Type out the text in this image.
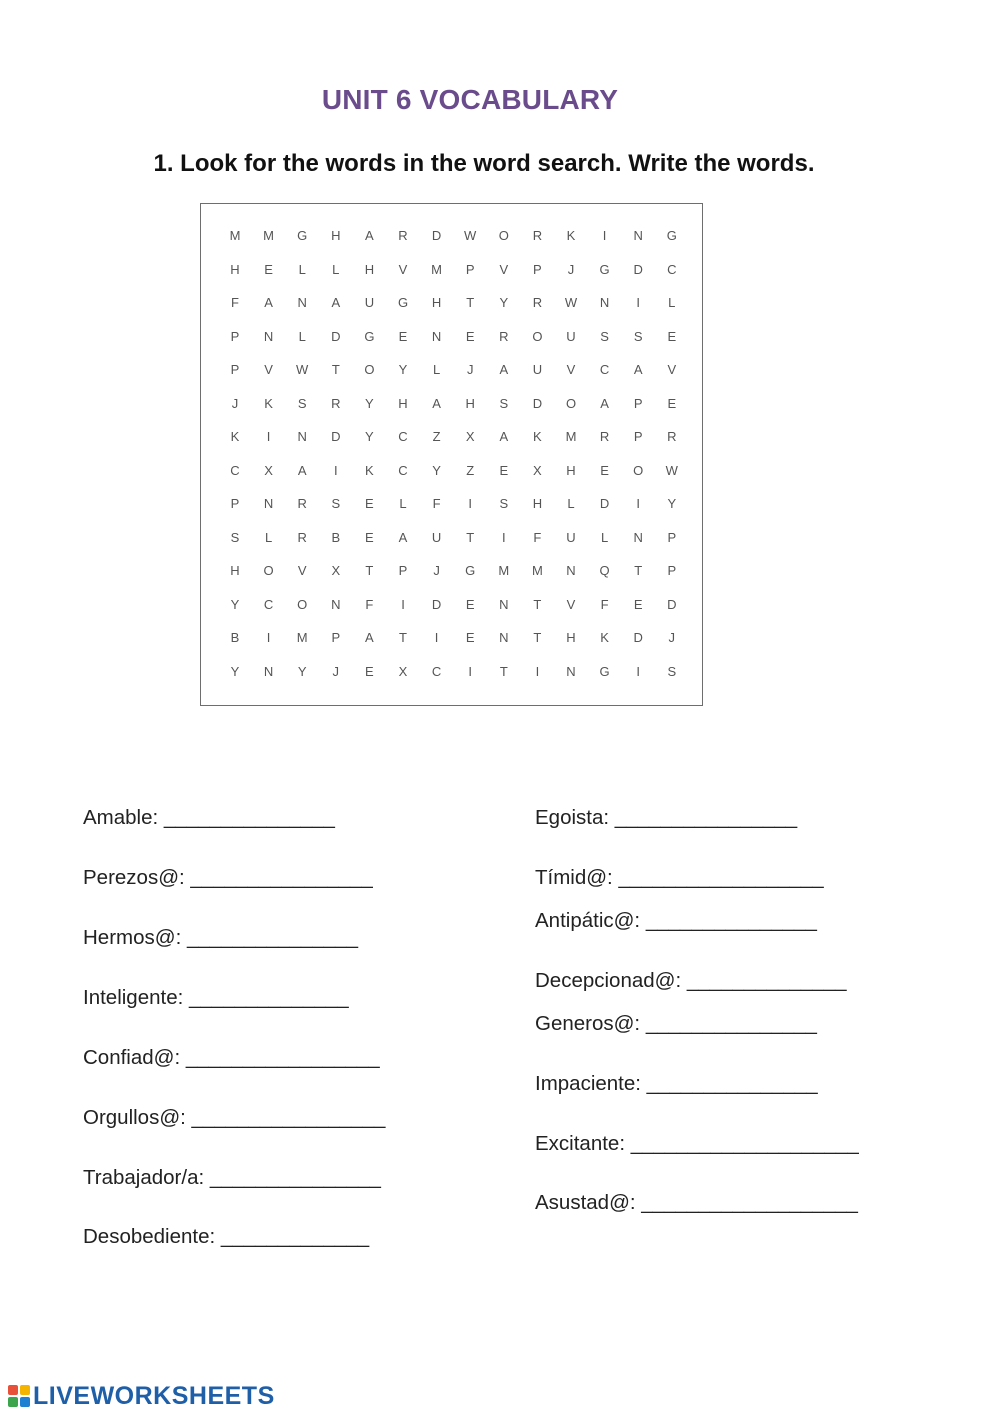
UNIT 6 VOCABULARY
1. Look for the words in the word search. Write the words.
M	M	G	H	A	R	D	W	O	R	K	I	N	G
H	E	L	L	H	V	M	P	V	P	J	G	D	C
F	A	N	A	U	G	H	T	Y	R	W	N	I	L
P	N	L	D	G	E	N	E	R	O	U	S	S	E
P	V	W	T	O	Y	L	J	A	U	V	C	A	V
J	K	S	R	Y	H	A	H	S	D	O	A	P	E
K	I	N	D	Y	C	Z	X	A	K	M	R	P	R
C	X	A	I	K	C	Y	Z	E	X	H	E	O	W
P	N	R	S	E	L	F	I	S	H	L	D	I	Y
S	L	R	B	E	A	U	T	I	F	U	L	N	P
H	O	V	X	T	P	J	G	M	M	N	Q	T	P
Y	C	O	N	F	I	D	E	N	T	V	F	E	D
B	I	M	P	A	T	I	E	N	T	H	K	D	J
Y	N	Y	J	E	X	C	I	T	I	N	G	I	S
Amable: _______________
Perezos@: ________________
Hermos@: _______________
Inteligente: ______________
Confiad@: _________________
Orgullos@: _________________
Trabajador/a: _______________
Desobediente: _____________
Egoista: ________________
Tímid@: __________________
Antipátic@: _______________
Decepcionad@: ______________
Generos@: _______________
Impaciente: _______________
Excitante: ____________________
Asustad@: ___________________
LIVEWORKSHEETS
